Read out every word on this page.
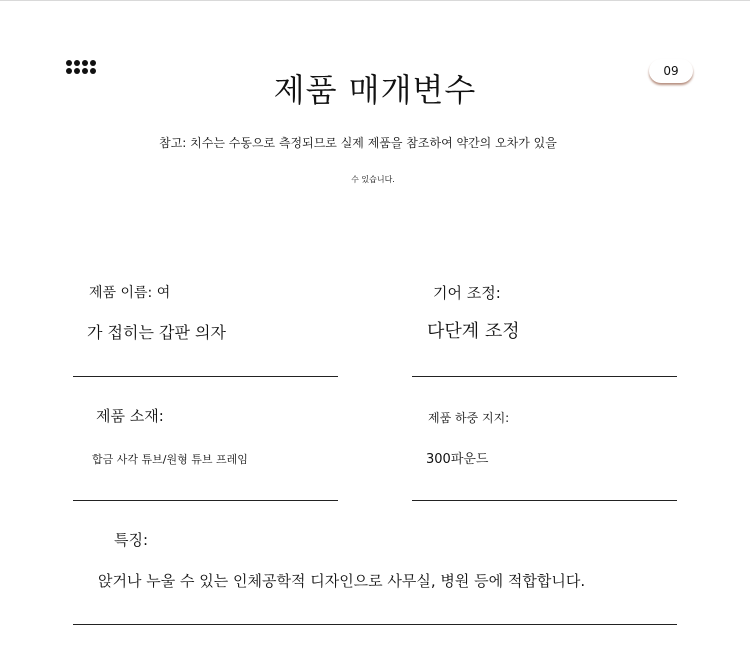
09
제품 매개변수
참고: 치수는 수동으로 측정되므로 실제 제품을 참조하여 약간의 오차가 있을
수 있습니다.
제품 이름: 여
가 접히는 갑판 의자
기어 조정:
다단계 조정
제품 소재:
합금 사각 튜브/원형 튜브 프레임
제품 하중 지지:
300파운드
특징:
앉거나 누울 수 있는 인체공학적 디자인으로 사무실, 병원 등에 적합합니다.
